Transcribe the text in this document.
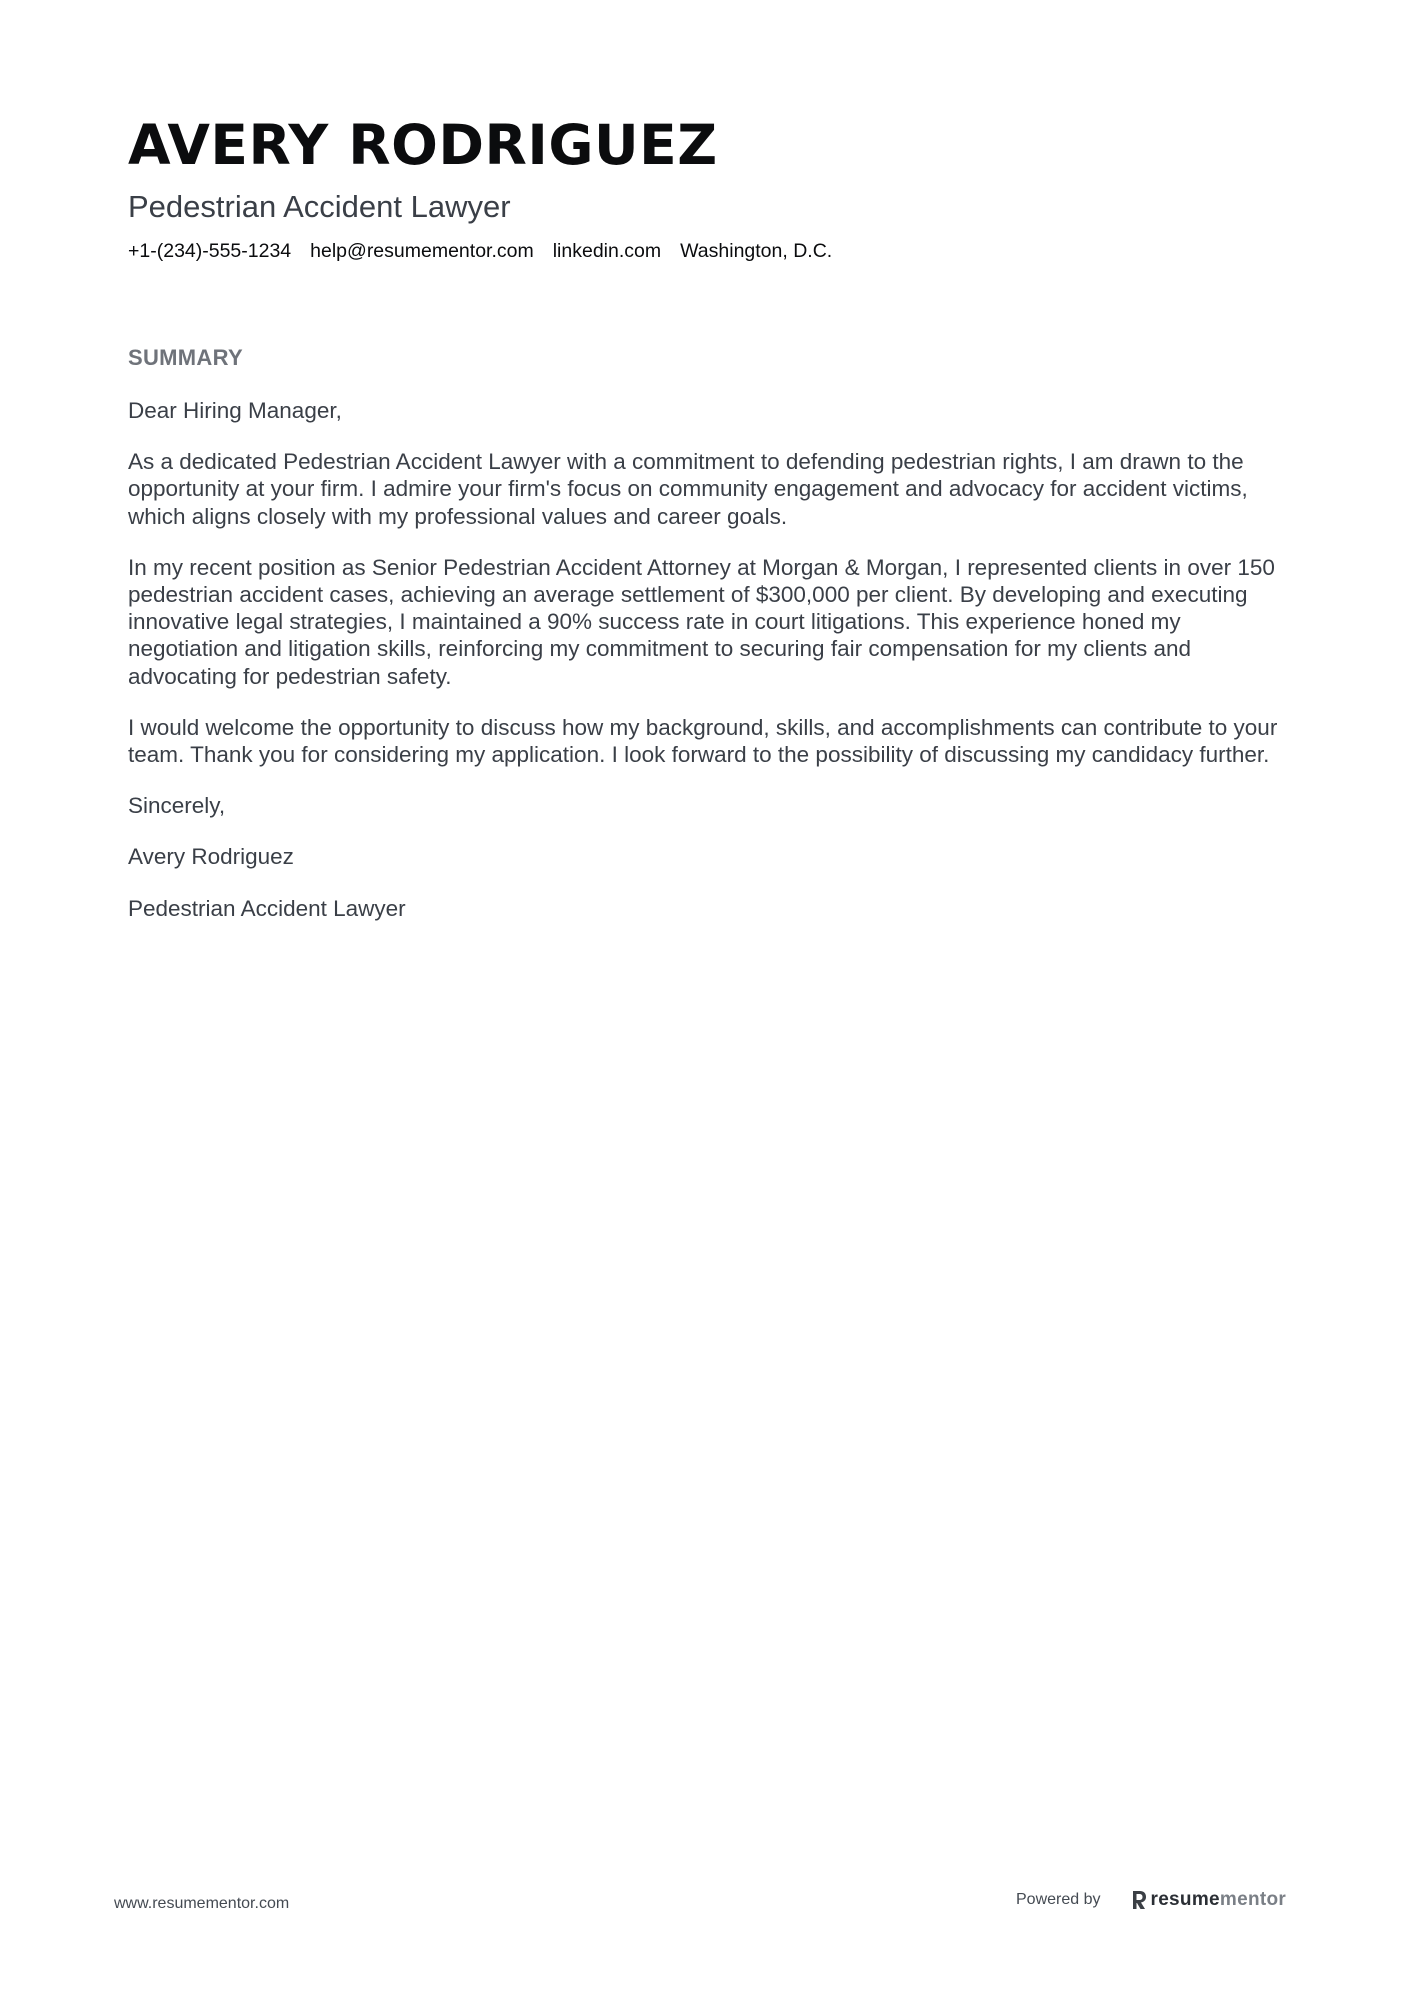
AVERY RODRIGUEZ
Pedestrian Accident Lawyer
+1-(234)-555-1234 help@resumementor.com linkedin.com Washington, D.C.
SUMMARY

Dear Hiring Manager,

As a dedicated Pedestrian Accident Lawyer with a commitment to defending pedestrian rights, I am drawn to the opportunity at your firm. I admire your firm's focus on community engagement and advocacy for accident victims, which aligns closely with my professional values and career goals.

In my recent position as Senior Pedestrian Accident Attorney at Morgan & Morgan, I represented clients in over 150 pedestrian accident cases, achieving an average settlement of $300,000 per client. By developing and executing innovative legal strategies, I maintained a 90% success rate in court litigations. This experience honed my negotiation and litigation skills, reinforcing my commitment to securing fair compensation for my clients and advocating for pedestrian safety.

I would welcome the opportunity to discuss how my background, skills, and accomplishments can contribute to your team. Thank you for considering my application. I look forward to the possibility of discussing my candidacy further.

Sincerely,

Avery Rodriguez

Pedestrian Accident Lawyer

www.resumementor.com	Powered by	resume mentor
